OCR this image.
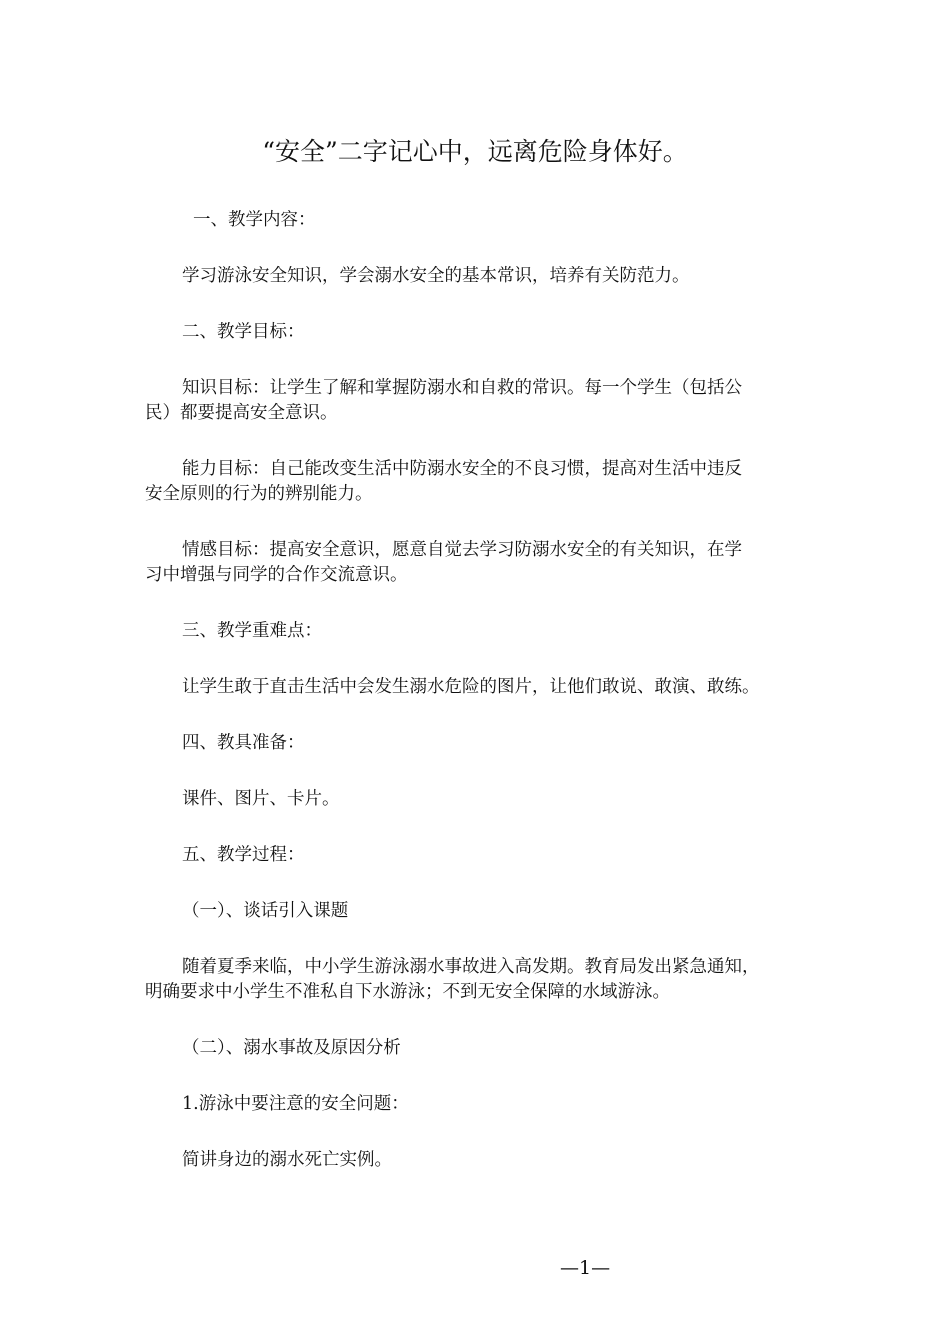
“安全”二字记心中，远离危险身体好。
一、教学内容：
学习游泳安全知识，学会溺水安全的基本常识，培养有关防范力。
二、教学目标：
知识目标：让学生了解和掌握防溺水和自救的常识。每一个学生（包括公
民）都要提高安全意识。
能力目标：自己能改变生活中防溺水安全的不良习惯，提高对生活中违反
安全原则的行为的辨别能力。
情感目标：提高安全意识，愿意自觉去学习防溺水安全的有关知识，在学
习中增强与同学的合作交流意识。
三、教学重难点：
让学生敢于直击生活中会发生溺水危险的图片，让他们敢说、敢演、敢练。
四、教具准备：
课件、图片、卡片。
五、教学过程：
（一）、谈话引入课题
随着夏季来临，中小学生游泳溺水事故进入高发期。教育局发出紧急通知，
明确要求中小学生不准私自下水游泳；不到无安全保障的水域游泳。
（二）、溺水事故及原因分析
1.游泳中要注意的安全问题：
简讲身边的溺水死亡实例。
—1—
